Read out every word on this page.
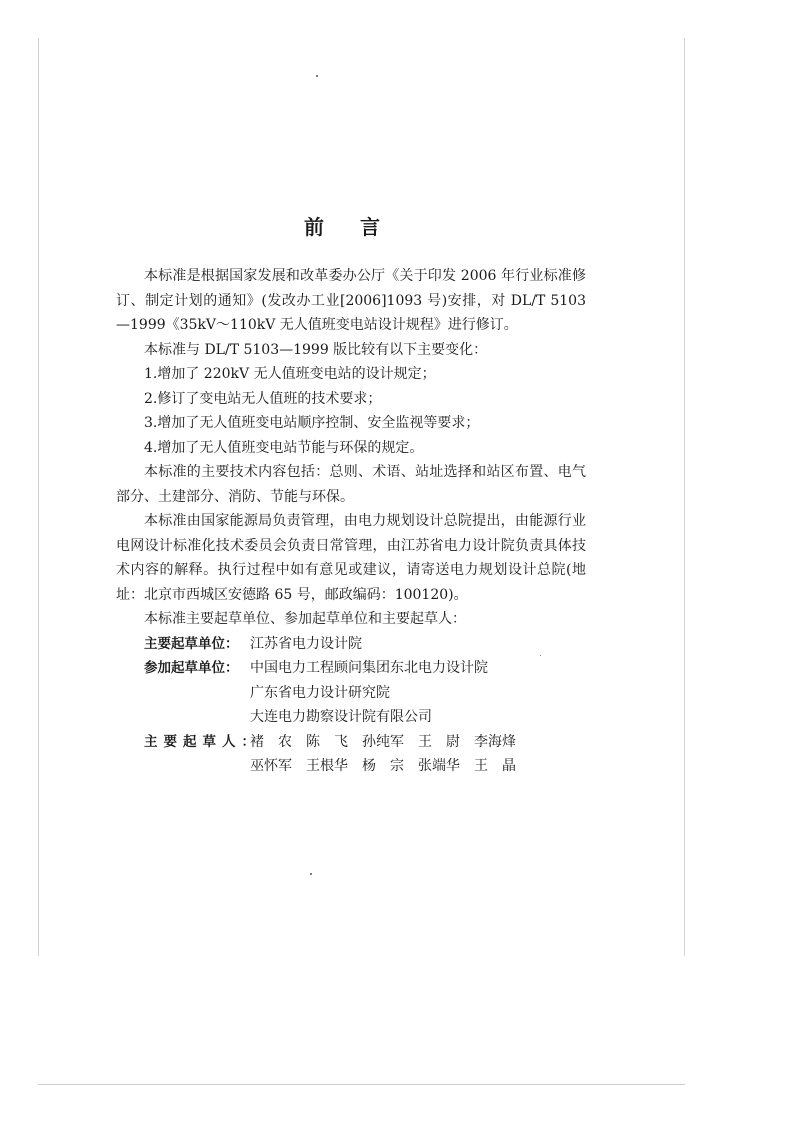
前言

本标准是根据国家发展和改革委办公厅《关于印发 2006 年行业标准修订、制定计划的通知》(发改办工业[2006]1093 号)安排，对 DL/T 5103—1999《35kV～110kV 无人值班变电站设计规程》进行修订。

本标准与 DL/T 5103—1999 版比较有以下主要变化：

1.增加了 220kV 无人值班变电站的设计规定；

2.修订了变电站无人值班的技术要求；

3.增加了无人值班变电站顺序控制、安全监视等要求；

4.增加了无人值班变电站节能与环保的规定。

本标准的主要技术内容包括：总则、术语、站址选择和站区布置、电气部分、土建部分、消防、节能与环保。

本标准由国家能源局负责管理，由电力规划设计总院提出，由能源行业电网设计标准化技术委员会负责日常管理，由江苏省电力设计院负责具体技术内容的解释。执行过程中如有意见或建议，请寄送电力规划设计总院(地址：北京市西城区安德路 65 号，邮政编码：100120)。

本标准主要起草单位、参加起草单位和主要起草人：

主要起草单位： 江苏省电力设计院
参加起草单位： 中国电力工程顾问集团东北电力设计院
广东省电力设计研究院
大连电力勘察设计院有限公司
主要起草人：
褚　农 陈　飞 孙纯军 王　尉 李海烽
巫怀军 王根华 杨　宗 张端华 王　晶
